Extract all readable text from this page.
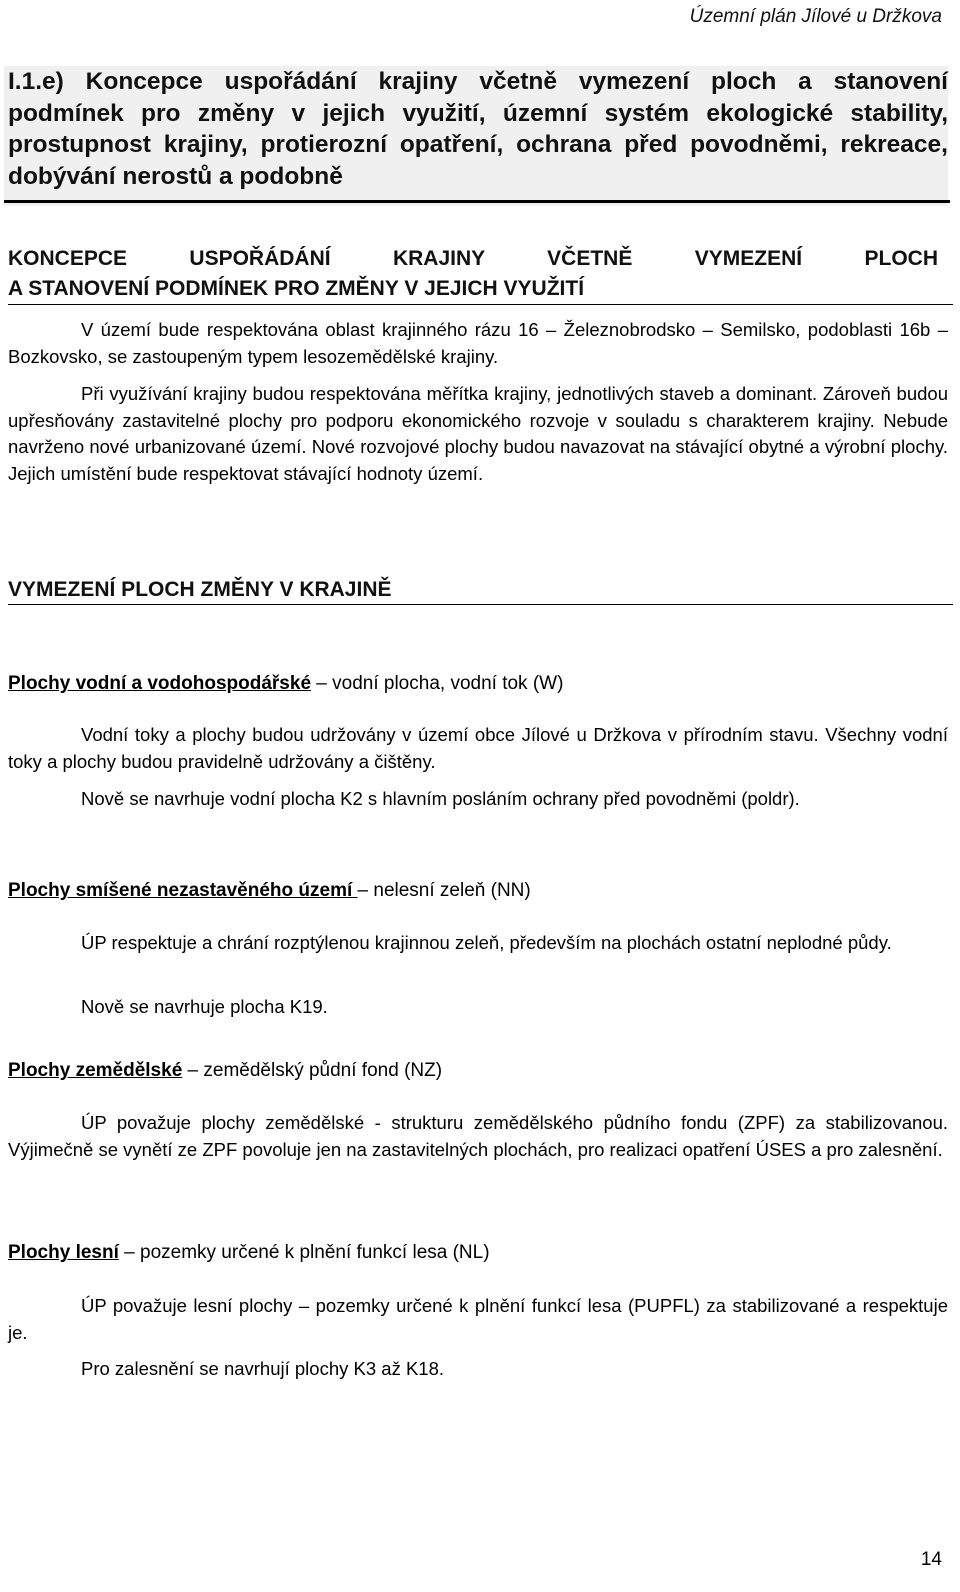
Územní plán Jílové u Držkova
I.1.e) Koncepce uspořádání krajiny včetně vymezení ploch a stanovení podmínek pro změny v jejich využití, územní systém ekologické stability, prostupnost krajiny, protierozní opatření, ochrana před povodněmi, rekreace, dobývání nerostů a podobně
KONCEPCE USPOŘÁDÁNÍ KRAJINY VČETNĚ VYMEZENÍ PLOCH
A STANOVENÍ PODMÍNEK PRO ZMĚNY V JEJICH VYUŽITÍ

V území bude respektována oblast krajinného rázu 16 – Železnobrodsko – Semilsko, podoblasti 16b – Bozkovsko, se zastoupeným typem lesozemědělské krajiny.

Při využívání krajiny budou respektována měřítka krajiny, jednotlivých staveb a dominant. Zároveň budou upřesňovány zastavitelné plochy pro podporu ekonomického rozvoje v souladu s charakterem krajiny. Nebude navrženo nové urbanizované území. Nové rozvojové plochy budou navazovat na stávající obytné a výrobní plochy. Jejich umístění bude respektovat stávající hodnoty území.

VYMEZENÍ PLOCH ZMĚNY V KRAJINĚ

Plochy vodní a vodohospodářské – vodní plocha, vodní tok (W)

Vodní toky a plochy budou udržovány v území obce Jílové u Držkova v přírodním stavu. Všechny vodní toky a plochy budou pravidelně udržovány a čištěny.

Nově se navrhuje vodní plocha K2 s hlavním posláním ochrany před povodněmi (poldr).

Plochy smíšené nezastavěného území – nelesní zeleň (NN)

ÚP respektuje a chrání rozptýlenou krajinnou zeleň, především na plochách ostatní neplodné půdy.

Nově se navrhuje plocha K19.

Plochy zemědělské – zemědělský půdní fond (NZ)

ÚP považuje plochy zemědělské - strukturu zemědělského půdního fondu (ZPF) za stabilizovanou. Výjimečně se vynětí ze ZPF povoluje jen na zastavitelných plochách, pro realizaci opatření ÚSES a pro zalesnění.

Plochy lesní – pozemky určené k plnění funkcí lesa (NL)

ÚP považuje lesní plochy – pozemky určené k plnění funkcí lesa (PUPFL) za stabilizované a respektuje je.

Pro zalesnění se navrhují plochy K3 až K18.

14
